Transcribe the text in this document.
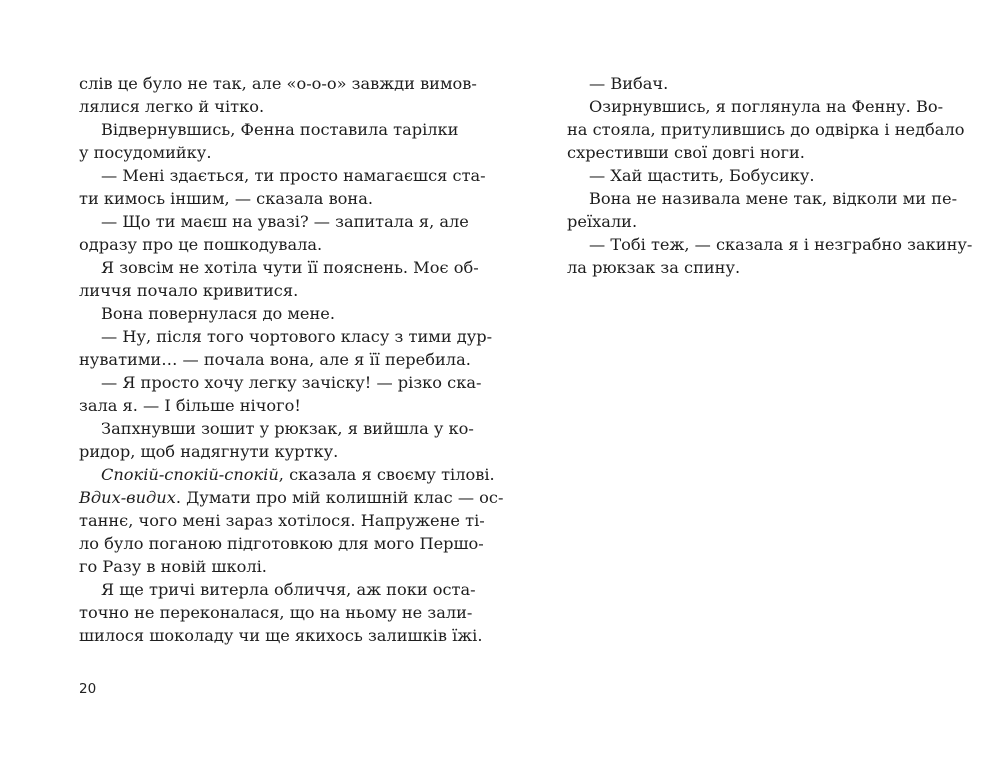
слів це було не так, але «о-о-о» завжди вимов-
лялися легко й чітко.
Відвернувшись, Фенна поставила тарілки
у посудомийку.
— Мені здається, ти просто намагаєшся ста-
ти кимось іншим, — сказала вона.
— Що ти маєш на увазі? — запитала я, але
одразу про це пошкодувала.
Я зовсім не хотіла чути її пояснень. Моє об-
личчя почало кривитися.
Вона повернулася до мене.
— Ну, після того чортового класу з тими дур-
нуватими… — почала вона, але я її перебила.
— Я просто хочу легку зачіску! — різко ска-
зала я. — І більше нічого!
Запхнувши зошит у рюкзак, я вийшла у ко-
ридор, щоб надягнути куртку.
Спокій-спокій-спокій, сказала я своєму тілові.
Вдих-видих. Думати про мій колишній клас — ос-
таннє, чого мені зараз хотілося. Напружене ті-
ло було поганою підготовкою для мого Першо-
го Разу в новій школі.
Я ще тричі витерла обличчя, аж поки оста-
точно не переконалася, що на ньому не зали-
шилося шоколаду чи ще якихось залишків їжі.
— Вибач.
Озирнувшись, я поглянула на Фенну. Во-
на стояла, притулившись до одвірка і недбало
схрестивши свої довгі ноги.
— Хай щастить, Бобусику.
Вона не називала мене так, відколи ми пе-
реїхали.
— Тобі теж, — сказала я і незграбно закину-
ла рюкзак за спину.
20
